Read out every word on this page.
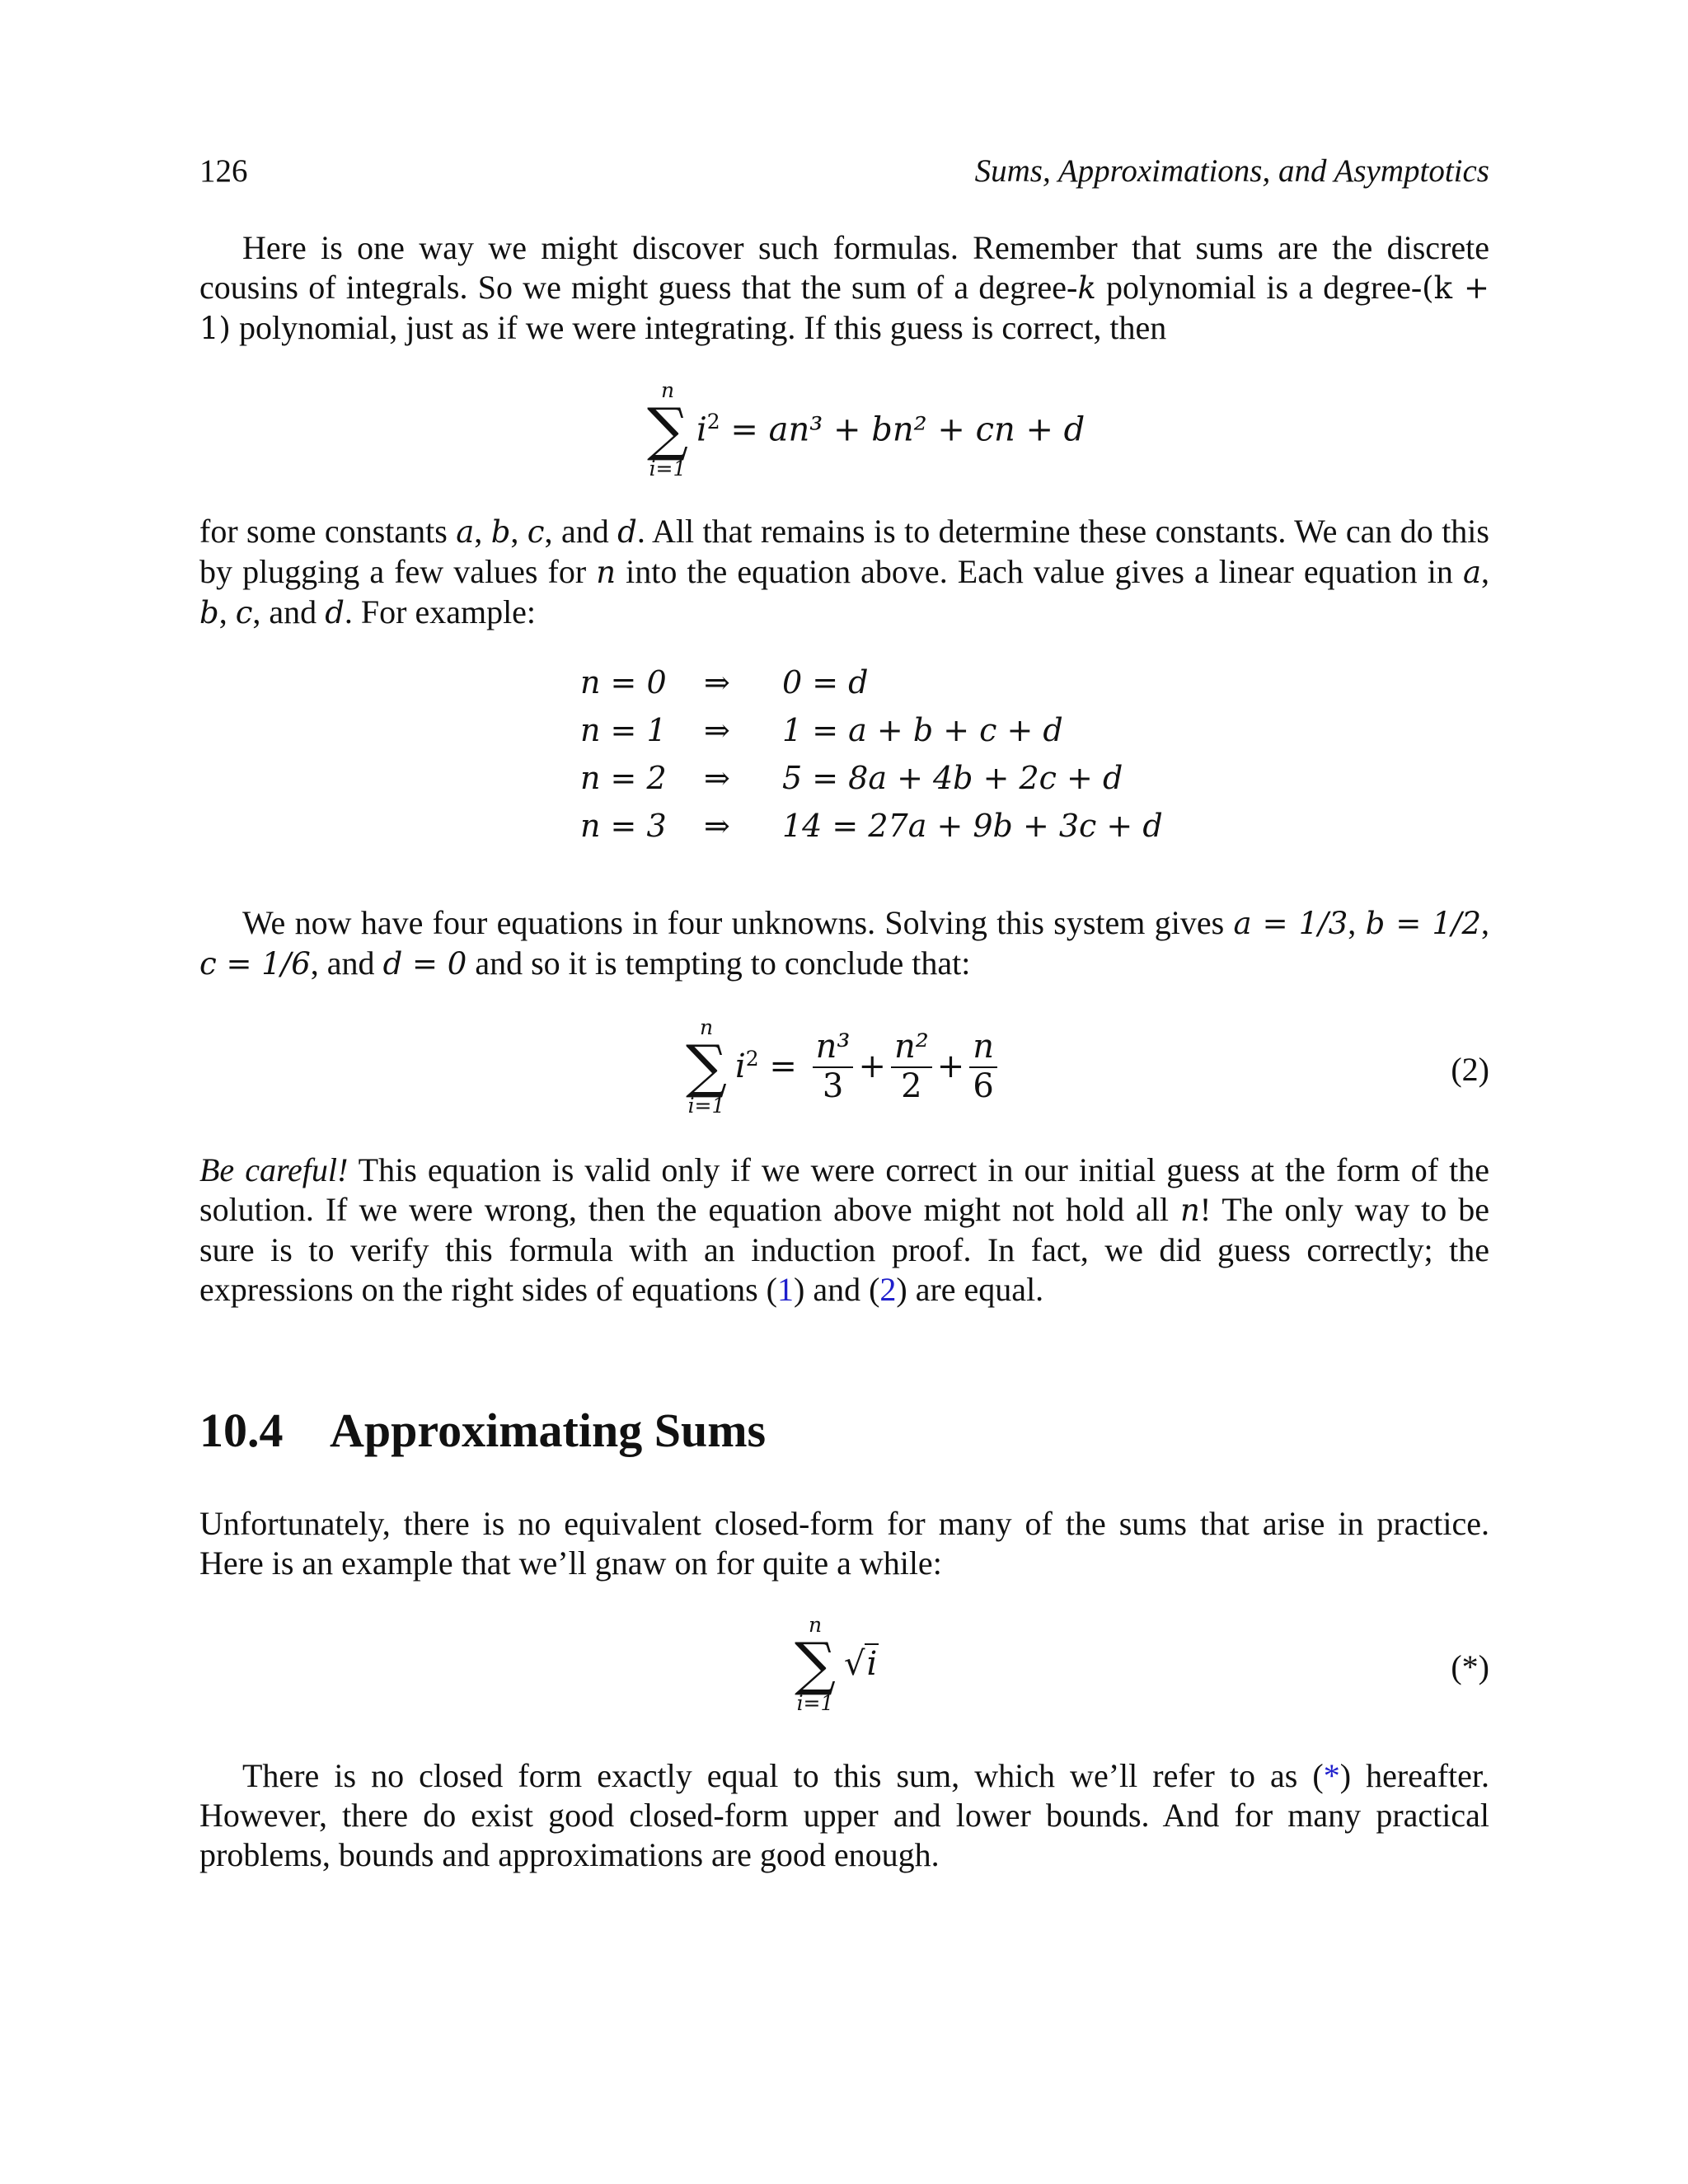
126	Sums, Approximations, and Asymptotics

Here is one way we might discover such formulas. Remember that sums are the discrete cousins of integrals. So we might guess that the sum of a degree-k polynomial is a degree-(k + 1) polynomial, just as if we were integrating. If this guess is correct, then

n
∑
i=1
$i^2 = an^3 + bn^2$ + cn + d

for some constants a, b, c, and d. All that remains is to determine these constants. We can do this by plugging a few values for n into the equation above. Each value gives a linear equation in a, b, c, and d. For example:

n = 0 ⇒ 0 = d
n = 1 ⇒ 1 = a + b + c + d
n = 2 ⇒ 5 = 8a + 4b + 2c + d
n = 3 ⇒ 14 = 27a + 9b + 3c + d

We now have four equations in four unknowns. Solving this system gives a = 1/3, b = 1/2, c = 1/6, and d = 0 and so it is tempting to conclude that:

n
∑
i=1
$i^2 = \frac{\text{n³}}{3} + \frac{\text{n²}}{2} + \frac{n}{6}$	(2)

Be careful! This equation is valid only if we were correct in our initial guess at the form of the solution. If we were wrong, then the equation above might not hold all n! The only way to be sure is to verify this formula with an induction proof. In fact, we did guess correctly; the expressions on the right sides of equations (1) and (2) are equal.

10.4 Approximating Sums

Unfortunately, there is no equivalent closed-form for many of the sums that arise in practice. Here is an example that we’ll gnaw on for quite a while:

n
∑
i=1
√i	(*)

There is no closed form exactly equal to this sum, which we’ll refer to as (*) hereafter. However, there do exist good closed-form upper and lower bounds. And for many practical problems, bounds and approximations are good enough.
